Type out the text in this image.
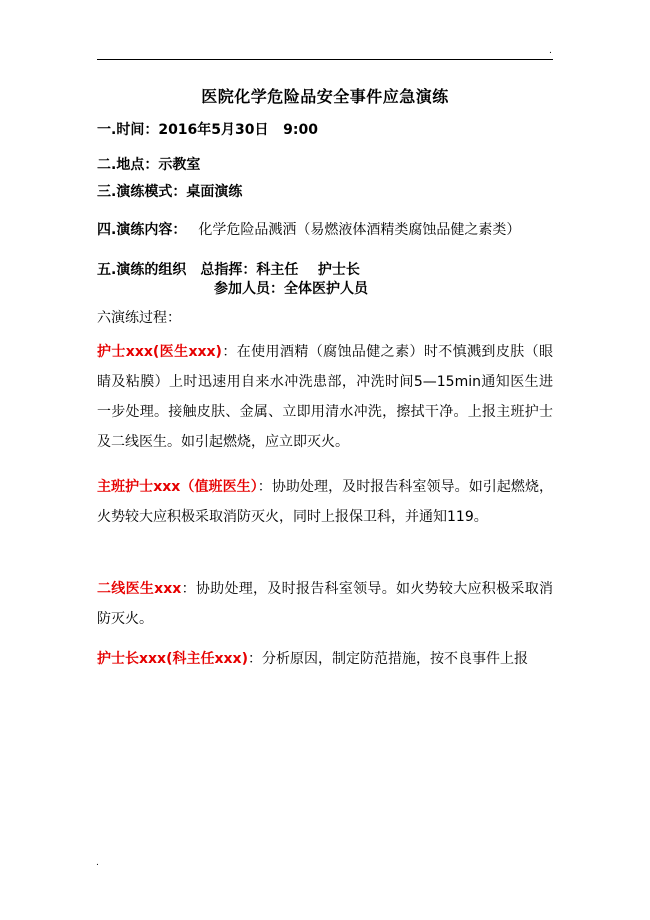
.
医院化学危险品安全事件应急演练
一.时间：2016年5月30日   9:00
二.地点：示教室
三.演练模式：桌面演练
四.演练内容： 化学危险品溅洒（易燃液体酒精类腐蚀品健之素类）
五.演练的组织 总指挥：科主任    护士长
参加人员：全体医护人员
六演练过程：
护士xxx(医生xxx)：在使用酒精（腐蚀品健之素）时不慎溅到皮肤（眼睛及粘膜）上时迅速用自来水冲洗患部，冲洗时间5—15min通知医生进一步处理。接触皮肤、金属、立即用清水冲洗，擦拭干净。上报主班护士及二线医生。如引起燃烧，应立即灭火。
主班护士xxx（值班医生）：协助处理，及时报告科室领导。如引起燃烧，火势较大应积极采取消防灭火，同时上报保卫科，并通知119。
二线医生xxx：协助处理，及时报告科室领导。如火势较大应积极采取消防灭火。
护士长xxx(科主任xxx)：分析原因，制定防范措施，按不良事件上报
.
